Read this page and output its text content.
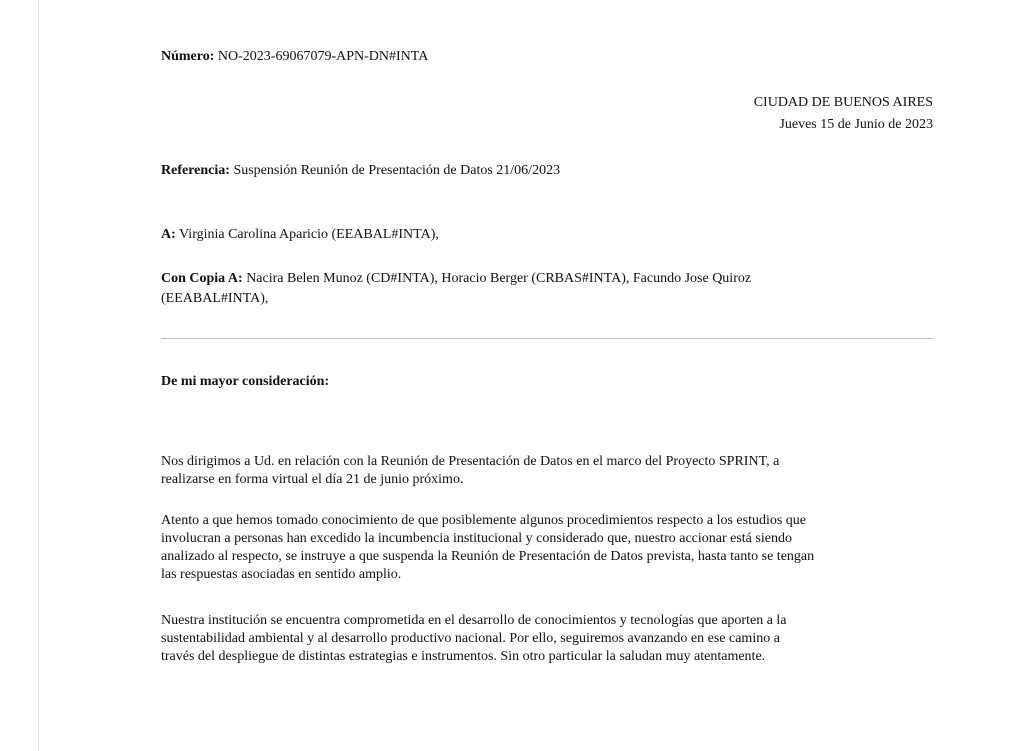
Número: NO-2023-69067079-APN-DN#INTA
CIUDAD DE BUENOS AIRES
Jueves 15 de Junio de 2023
Referencia: Suspensión Reunión de Presentación de Datos 21/06/2023
A: Virginia Carolina Aparicio (EEABAL#INTA),
Con Copia A: Nacira Belen Munoz (CD#INTA), Horacio Berger (CRBAS#INTA), Facundo Jose Quiroz
(EEABAL#INTA),
De mi mayor consideración:
Nos dirigimos a Ud. en relación con la Reunión de Presentación de Datos en el marco del Proyecto SPRINT, a
realizarse en forma virtual el día 21 de junio próximo.
Atento a que hemos tomado conocimiento de que posiblemente algunos procedimientos respecto a los estudios que
involucran a personas han excedido la incumbencia institucional y considerado que, nuestro accionar está siendo
analizado al respecto, se instruye a que suspenda la Reunión de Presentación de Datos prevista, hasta tanto se tengan
las respuestas asociadas en sentido amplio.
Nuestra institución se encuentra comprometida en el desarrollo de conocimientos y tecnologías que aporten a la
sustentabilidad ambiental y al desarrollo productivo nacional. Por ello, seguiremos avanzando en ese camino a
través del despliegue de distintas estrategias e instrumentos. Sin otro particular la saludan muy atentamente.
